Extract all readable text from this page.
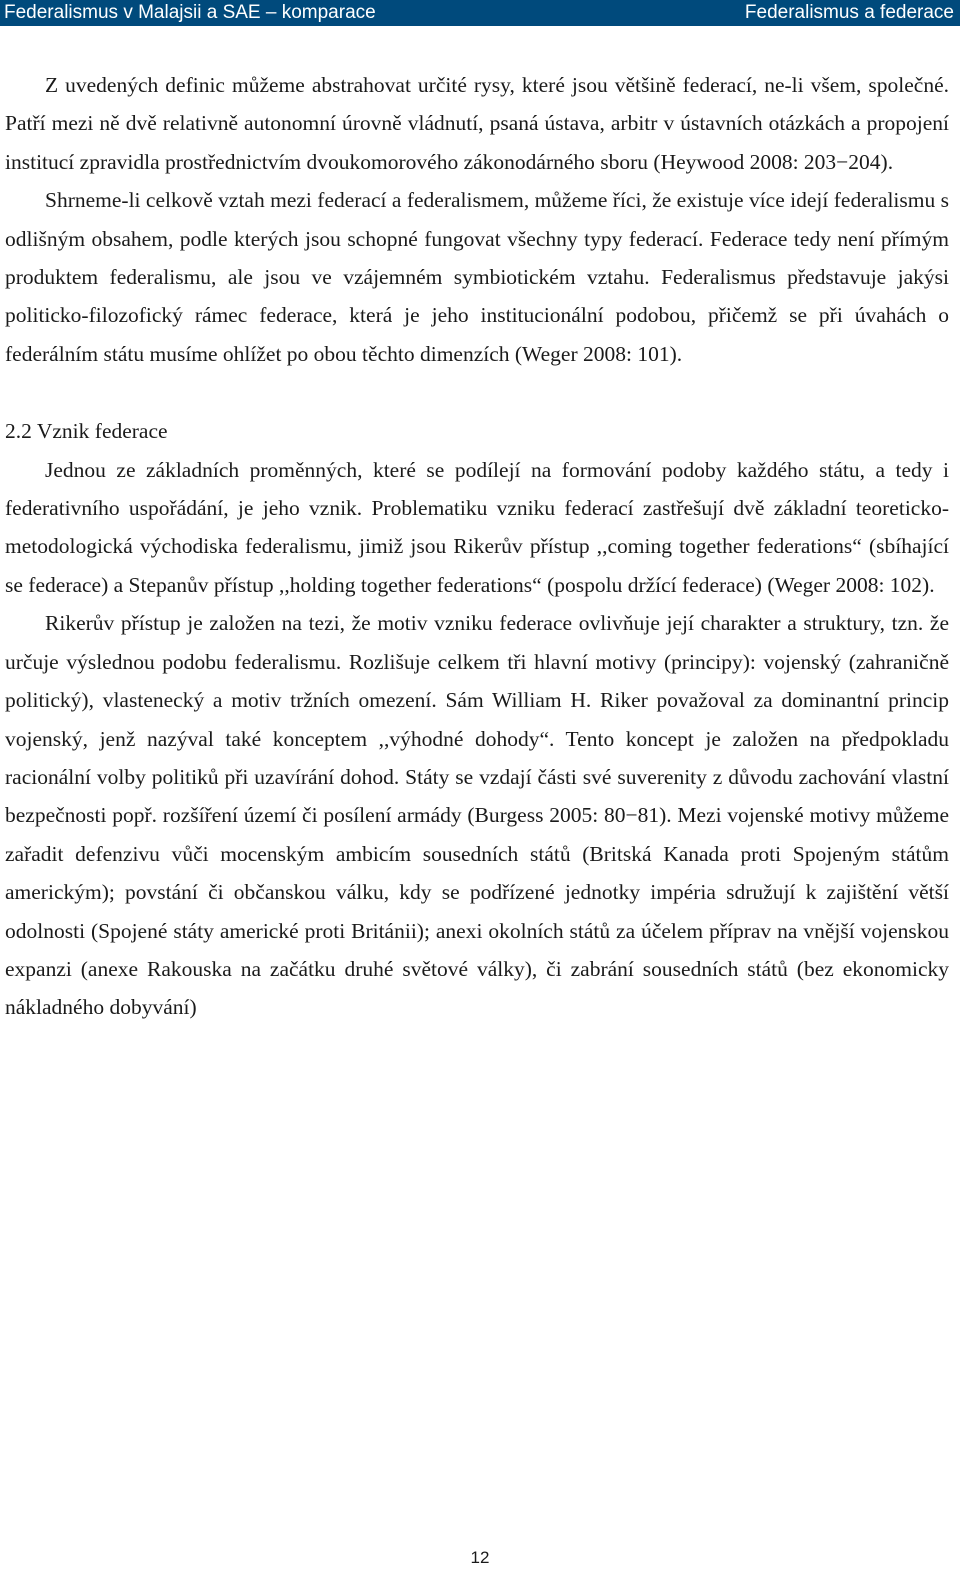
Federalismus v Malajsii a SAE – komparace	Federalismus a federace

Z uvedených definic můžeme abstrahovat určité rysy, které jsou většině federací, ne-li všem, společné. Patří mezi ně dvě relativně autonomní úrovně vládnutí, psaná ústava, arbitr v ústavních otázkách a propojení institucí zpravidla prostřednictvím dvoukomorového zákonodárného sboru (Heywood 2008: 203−204).

Shrneme-li celkově vztah mezi federací a federalismem, můžeme říci, že existuje více idejí federalismu s odlišným obsahem, podle kterých jsou schopné fungovat všechny typy federací. Federace tedy není přímým produktem federalismu, ale jsou ve vzájemném symbiotickém vztahu. Federalismus představuje jakýsi politicko-filozofický rámec federace, která je jeho institucionální podobou, přičemž se při úvahách o federálním státu musíme ohlížet po obou těchto dimenzích (Weger 2008: 101).

2.2 Vznik federace

Jednou ze základních proměnných, které se podílejí na formování podoby každého státu, a tedy i federativního uspořádání, je jeho vznik. Problematiku vzniku federací zastřešují dvě základní teoreticko-metodologická východiska federalismu, jimiž jsou Rikerův přístup ,,coming together federations“ (sbíhající se federace) a Stepanův přístup ,,holding together federations“ (pospolu držící federace) (Weger 2008: 102).

Rikerův přístup je založen na tezi, že motiv vzniku federace ovlivňuje její charakter a struktury, tzn. že určuje výslednou podobu federalismu. Rozlišuje celkem tři hlavní motivy (principy): vojenský (zahraničně politický), vlastenecký a motiv tržních omezení. Sám William H. Riker považoval za dominantní princip vojenský, jenž nazýval také konceptem ,,výhodné dohody“. Tento koncept je založen na předpokladu racionální volby politiků při uzavírání dohod. Státy se vzdají části své suverenity z důvodu zachování vlastní bezpečnosti popř. rozšíření území či posílení armády (Burgess 2005: 80−81). Mezi vojenské motivy můžeme zařadit defenzivu vůči mocenským ambicím sousedních států (Britská Kanada proti Spojeným státům americkým); povstání či občanskou válku, kdy se podřízené jednotky impéria sdružují k zajištění větší odolnosti (Spojené státy americké proti Británii); anexi okolních států za účelem příprav na vnější vojenskou expanzi (anexe Rakouska na začátku druhé světové války), či zabrání sousedních států (bez ekonomicky nákladného dobyvání)

12
